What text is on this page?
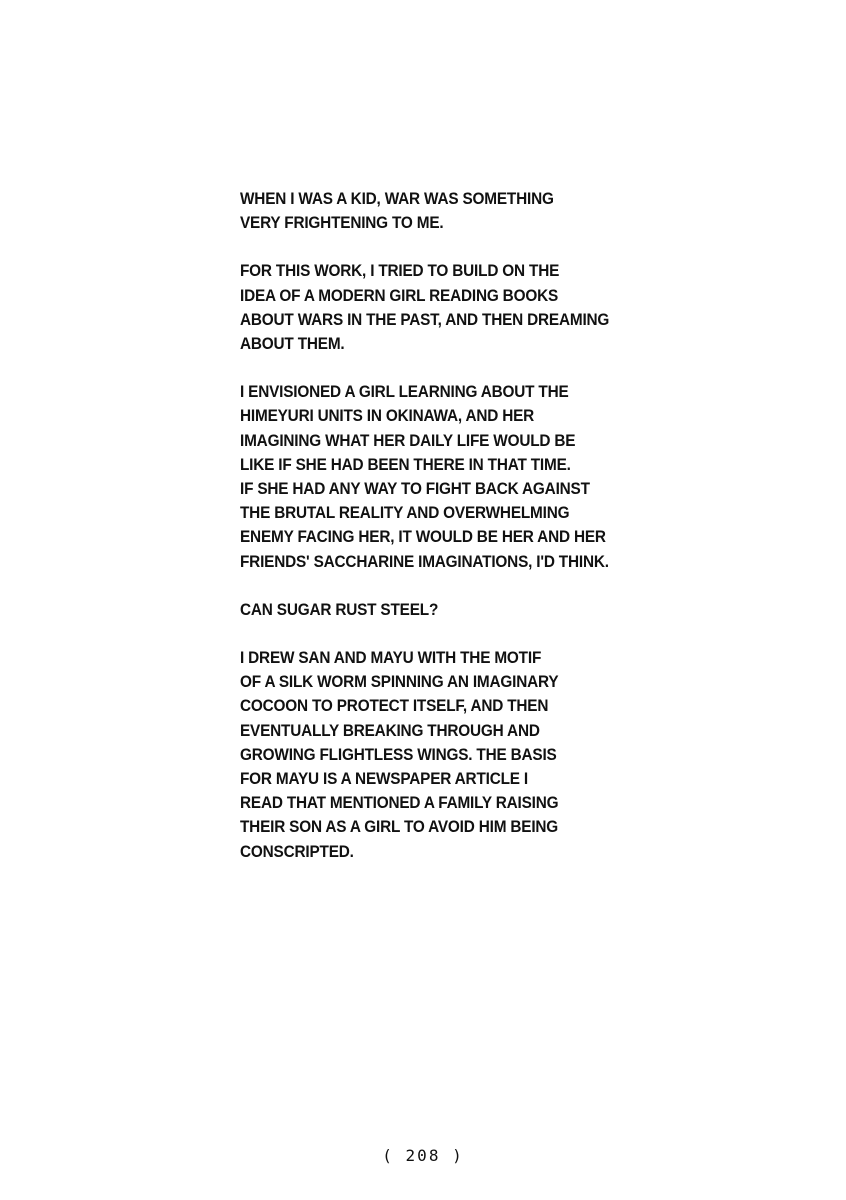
WHEN I WAS A KID, WAR WAS SOMETHING
VERY FRIGHTENING TO ME.

FOR THIS WORK, I TRIED TO BUILD ON THE
IDEA OF A MODERN GIRL READING BOOKS
ABOUT WARS IN THE PAST, AND THEN DREAMING
ABOUT THEM.

I ENVISIONED A GIRL LEARNING ABOUT THE
HIMEYURI UNITS IN OKINAWA, AND HER
IMAGINING WHAT HER DAILY LIFE WOULD BE
LIKE IF SHE HAD BEEN THERE IN THAT TIME.
IF SHE HAD ANY WAY TO FIGHT BACK AGAINST
THE BRUTAL REALITY AND OVERWHELMING
ENEMY FACING HER, IT WOULD BE HER AND HER
FRIENDS' SACCHARINE IMAGINATIONS, I'D THINK.

CAN SUGAR RUST STEEL?

I DREW SAN AND MAYU WITH THE MOTIF
OF A SILK WORM SPINNING AN IMAGINARY
COCOON TO PROTECT ITSELF, AND THEN
EVENTUALLY BREAKING THROUGH AND
GROWING FLIGHTLESS WINGS. THE BASIS
FOR MAYU IS A NEWSPAPER ARTICLE I
READ THAT MENTIONED A FAMILY RAISING
THEIR SON AS A GIRL TO AVOID HIM BEING
CONSCRIPTED.

( 208 )
